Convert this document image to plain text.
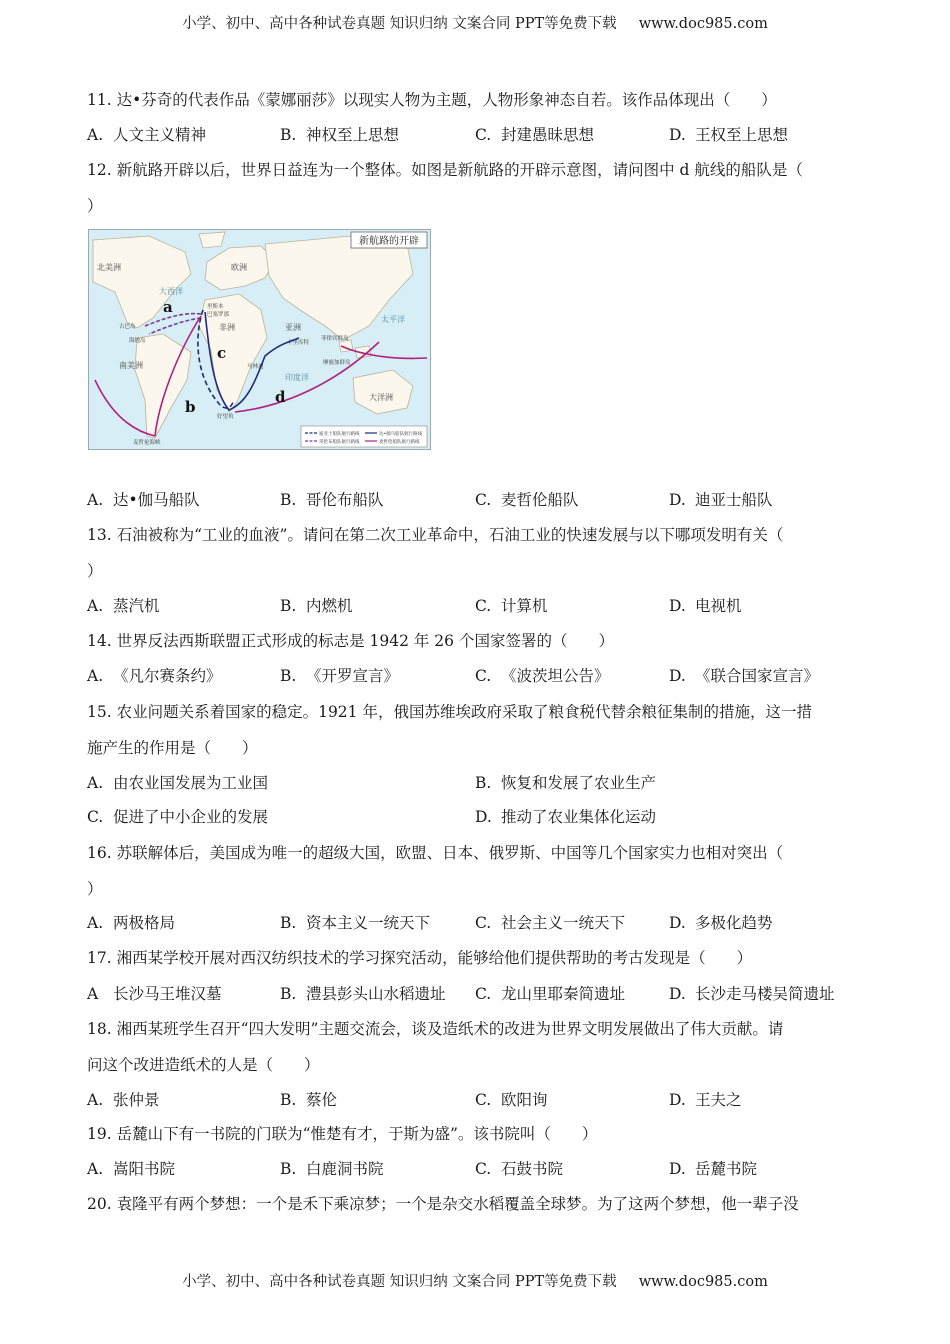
小学、初中、高中各种试卷真题 知识归纳 文案合同 PPT等免费下载 www.doc985.com
11. 达•芬奇的代表作品《蒙娜丽莎》以现实人物为主题，人物形象神态自若。该作品体现出（　　）
A. 人文主义精神	B. 神权至上思想	C. 封建愚昧思想	D. 王权至上思想
12. 新航路开辟以后，世界日益连为一个整体。如图是新航路的开辟示意图，请问图中 d 航线的船队是（
）
A. 达•伽马船队	B. 哥伦布船队	C. 麦哲伦船队	D. 迪亚士船队
13. 石油被称为“工业的血液”。请问在第二次工业革命中，石油工业的快速发展与以下哪项发明有关（
）
A. 蒸汽机	B. 内燃机	C. 计算机	D. 电视机
14. 世界反法西斯联盟正式形成的标志是 1942 年 26 个国家签署的（　　）
A. 《凡尔赛条约》	B. 《开罗宣言》	C. 《波茨坦公告》	D. 《联合国家宣言》
15. 农业问题关系着国家的稳定。1921 年，俄国苏维埃政府采取了粮食税代替余粮征集制的措施，这一措
施产生的作用是（　　）
A. 由农业国发展为工业国	B. 恢复和发展了农业生产
C. 促进了中小企业的发展	D. 推动了农业集体化运动
16. 苏联解体后，美国成为唯一的超级大国，欧盟、日本、俄罗斯、中国等几个国家实力也相对突出（
）
A. 两极格局	B. 资本主义一统天下	C. 社会主义一统天下	D. 多极化趋势
17. 湘西某学校开展对西汉纺织技术的学习探究活动，能够给他们提供帮助的考古发现是（　　）
A 长沙马王堆汉墓	B. 澧县彭头山水稻遗址 C. 龙山里耶秦简遗址	D. 长沙走马楼吴简遗址
18. 湘西某班学生召开“四大发明”主题交流会，谈及造纸术的改进为世界文明发展做出了伟大贡献。请
问这个改进造纸术的人是（　　）
A. 张仲景	B. 蔡伦	C. 欧阳询	D. 王夫之
19. 岳麓山下有一书院的门联为“惟楚有才，于斯为盛”。该书院叫（　　）
A. 嵩阳书院	B. 白鹿洞书院	C. 石鼓书院	D. 岳麓书院
20. 袁隆平有两个梦想：一个是禾下乘凉梦；一个是杂交水稻覆盖全球梦。为了这两个梦想，他一辈子没
新航路的开辟
a
b
c
d
北美洲
南美洲
欧洲
亚洲
非洲
大洋洲
大西洋
太平洋
印度洋
里斯本
巴塞罗那
古巴岛
海地岛	卡里库特
马林迪
好望角
菲律宾群岛
摩鹿加群岛
麦哲伦海峡
迪亚士船队航行路线	达•伽马船队航行路线
哥伦布船队航行路线	麦哲伦船队航行路线
小学、初中、高中各种试卷真题 知识归纳 文案合同 PPT等免费下载 www.doc985.com
